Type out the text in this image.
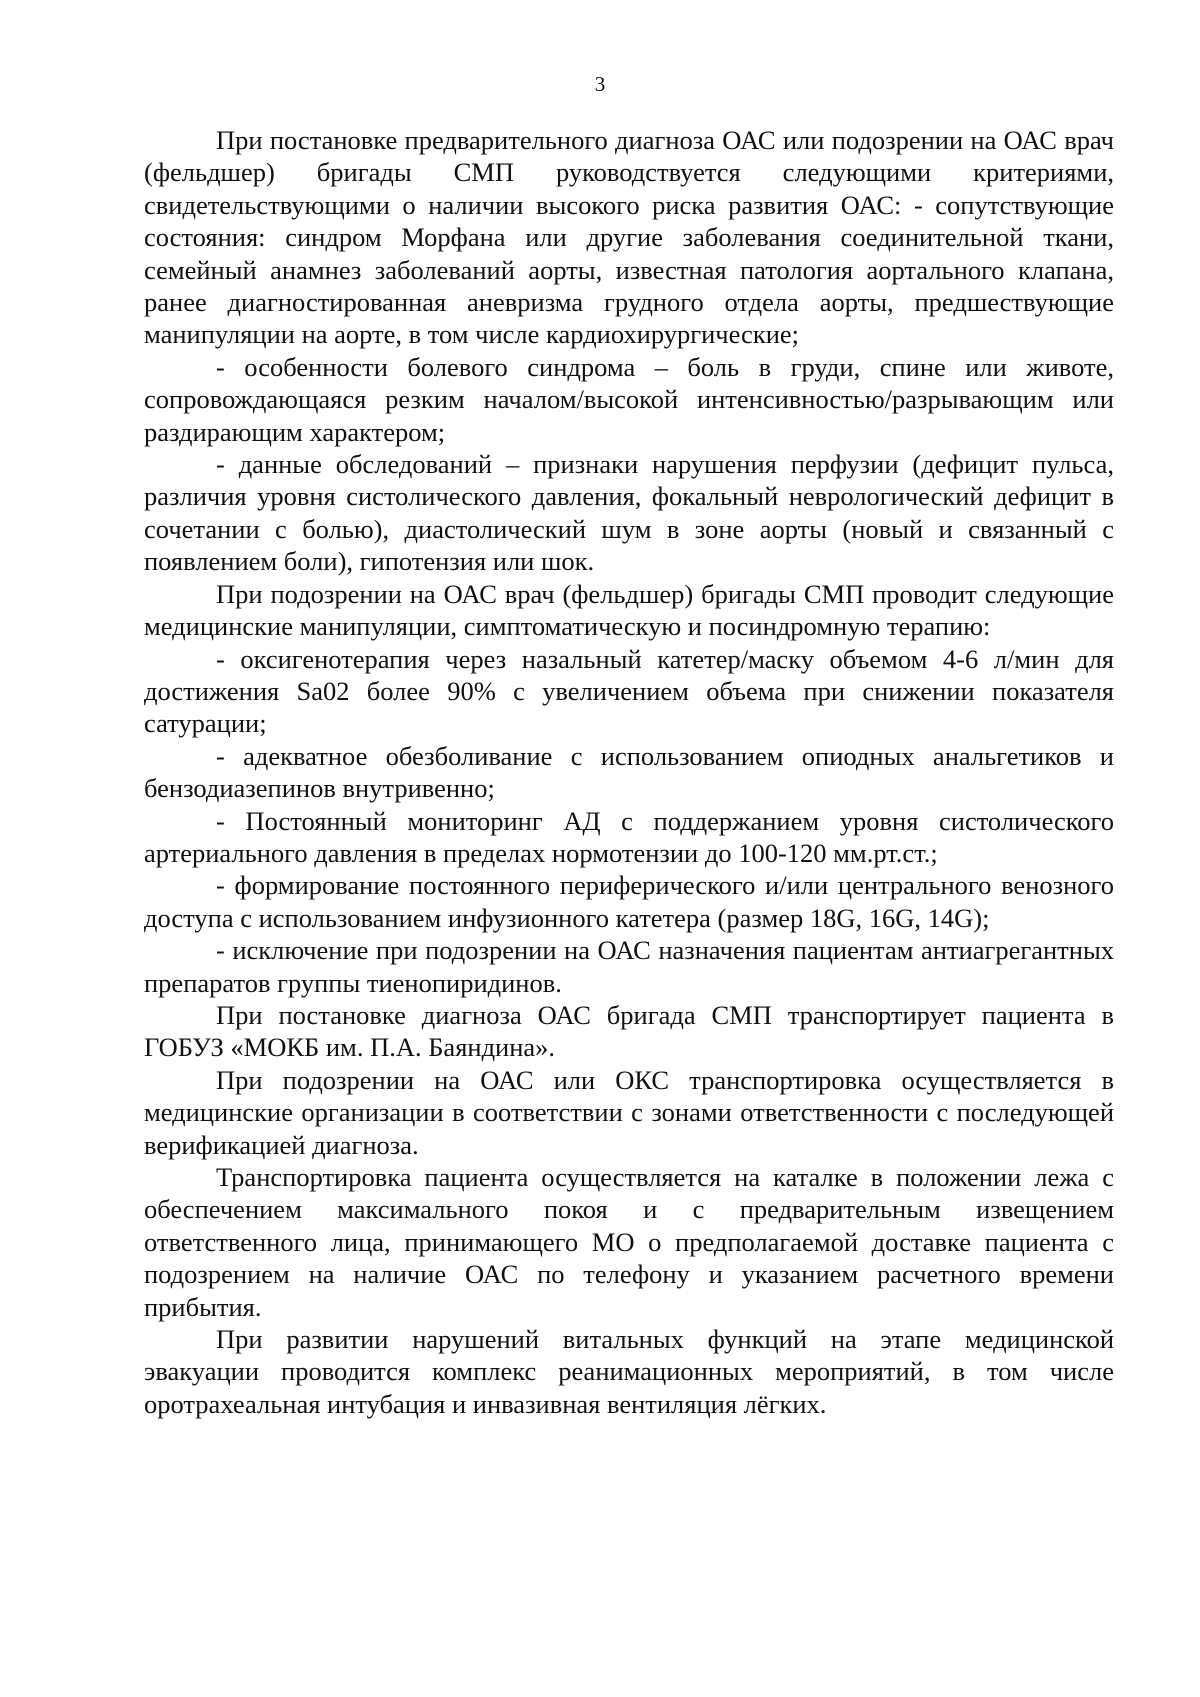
3

При постановке предварительного диагноза ОАС или подозрении на ОАС врач (фельдшер) бригады СМП руководствуется следующими критериями, свидетельствующими о наличии высокого риска развития ОАС: - сопутствующие состояния: синдром Морфана или другие заболевания соединительной ткани, семейный анамнез заболеваний аорты, известная патология аортального клапана, ранее диагностированная аневризма грудного отдела аорты, предшествующие манипуляции на аорте, в том числе кардиохирургические;

- особенности болевого синдрома – боль в груди, спине или животе, сопровождающаяся резким началом/высокой интенсивностью/разрывающим или раздирающим характером;

- данные обследований – признаки нарушения перфузии (дефицит пульса, различия уровня систолического давления, фокальный неврологический дефицит в сочетании с болью), диастолический шум в зоне аорты (новый и связанный с появлением боли), гипотензия или шок.

При подозрении на ОАС врач (фельдшер) бригады СМП проводит следующие медицинские манипуляции, симптоматическую и посиндромную терапию:

- оксигенотерапия через назальный катетер/маску объемом 4-6 л/мин для достижения Sa02 более 90% с увеличением объема при снижении показателя сатурации;

- адекватное обезболивание с использованием опиодных анальгетиков и бензодиазепинов внутривенно;

- Постоянный мониторинг АД с поддержанием уровня систолического артериального давления в пределах нормотензии до 100-120 мм.рт.ст.;

- формирование постоянного периферического и/или центрального венозного доступа с использованием инфузионного катетера (размер 18G, 16G, 14G);

- исключение при подозрении на ОАС назначения пациентам антиагрегантных препаратов группы тиенопиридинов.

При постановке диагноза ОАС бригада СМП транспортирует пациента в ГОБУЗ «МОКБ им. П.А. Баяндина».

При подозрении на ОАС или ОКС транспортировка осуществляется в медицинские организации в соответствии с зонами ответственности с последующей верификацией диагноза.

Транспортировка пациента осуществляется на каталке в положении лежа с обеспечением максимального покоя и с предварительным извещением ответственного лица, принимающего МО о предполагаемой доставке пациента с подозрением на наличие ОАС по телефону и указанием расчетного времени прибытия.

При развитии нарушений витальных функций на этапе медицинской эвакуации проводится комплекс реанимационных мероприятий, в том числе оротрахеальная интубация и инвазивная вентиляция лёгких.
